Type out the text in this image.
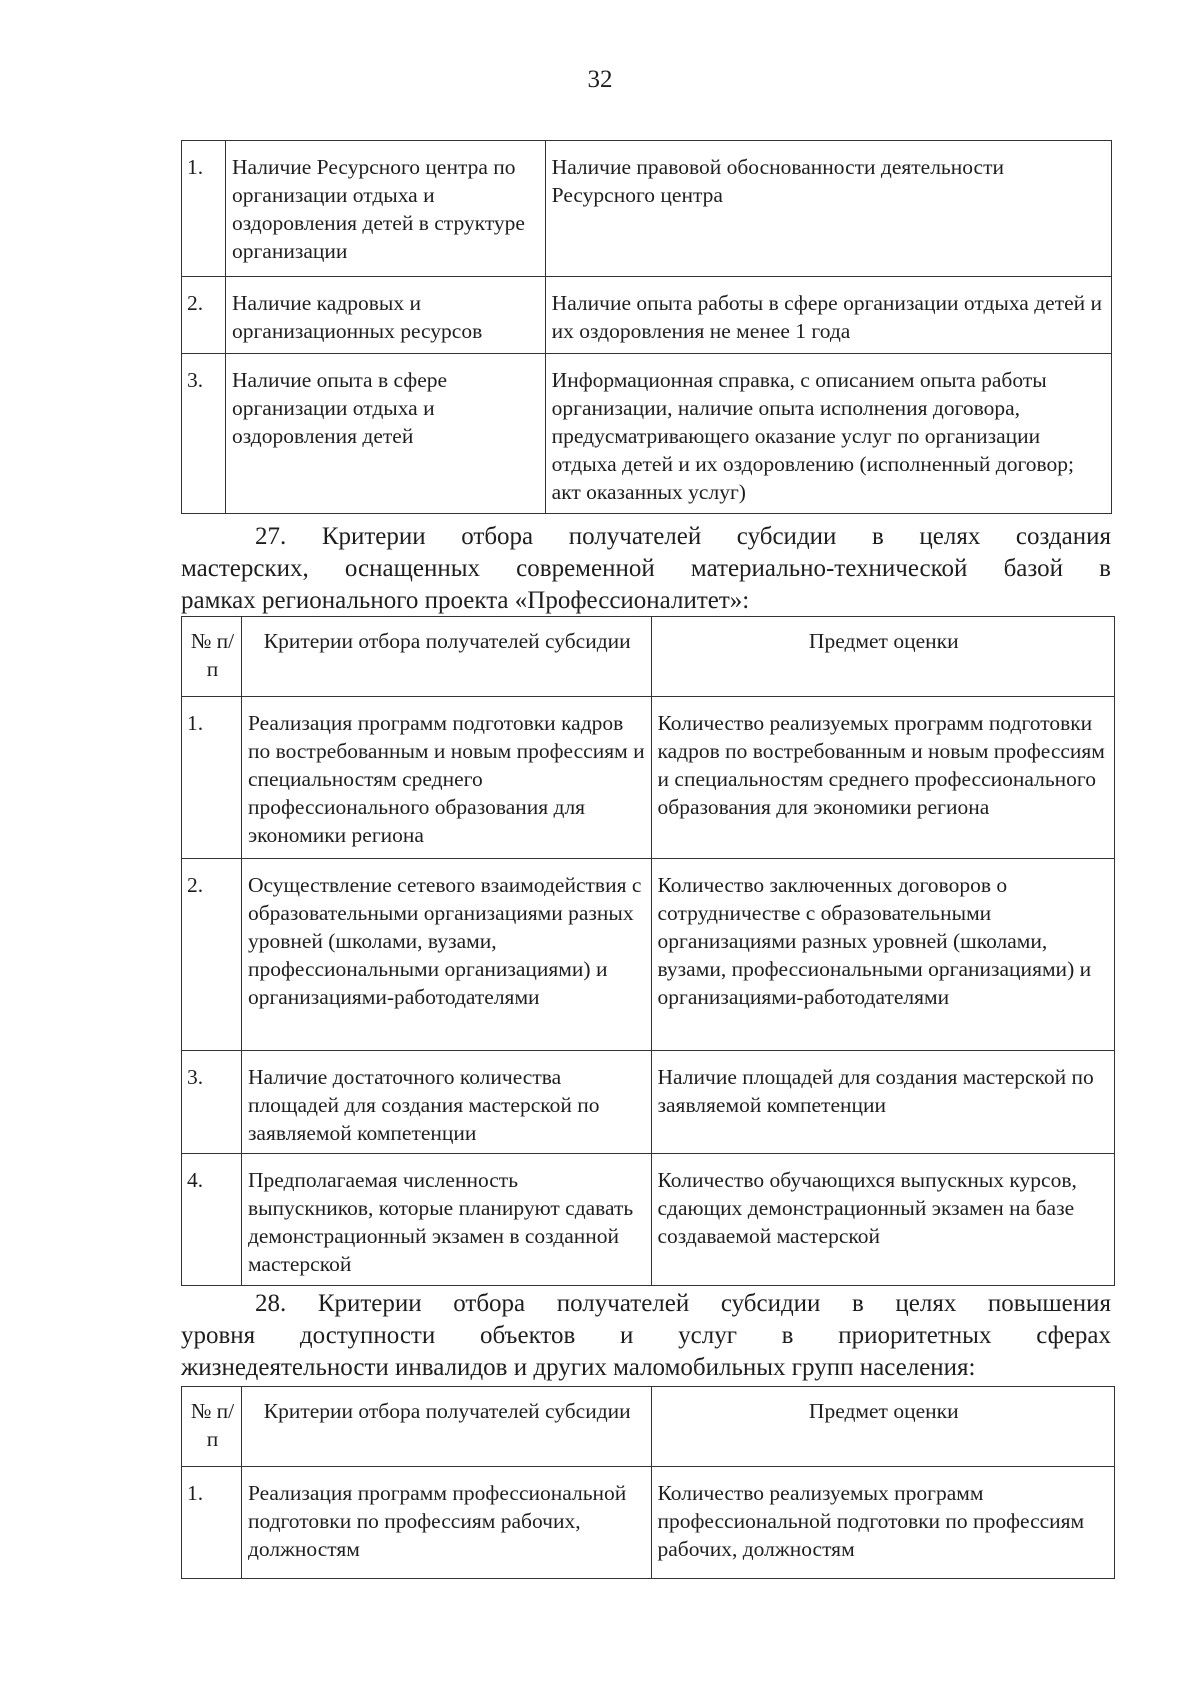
32
1.	Наличие Ресурсного центра по организации отдыха и оздоровления детей в структуре организации	Наличие правовой обоснованности деятельности Ресурсного центра
2.	Наличие кадровых и организационных ресурсов	Наличие опыта работы в сфере организации отдыха детей и их оздоровления не менее 1 года
3.	Наличие опыта в сфере организации отдыха и оздоровления детей	Информационная справка, с описанием опыта работы организации, наличие опыта исполнения договора, предусматривающего оказание услуг по организации отдыха детей и их оздоровлению (исполненный договор; акт оказанных услуг)
27. Критерии отбора получателей субсидии в целях создания
мастерских, оснащенных современной материально-технической базой в
рамках регионального проекта «Профессионалитет»:
№ п/п	Критерии отбора получателей субсидии	Предмет оценки
1.	Реализация программ подготовки кадров по востребованным и новым профессиям и специальностям среднего профессионального образования для экономики региона	Количество реализуемых программ подготовки кадров по востребованным и новым профессиям и специальностям среднего профессионального образования для экономики региона
2.	Осуществление сетевого взаимодействия с образовательными организациями разных уровней (школами, вузами, профессиональными организациями) и организациями-работодателями	Количество заключенных договоров о сотрудничестве с образовательными организациями разных уровней (школами, вузами, профессиональными организациями) и организациями-работодателями
3.	Наличие достаточного количества площадей для создания мастерской по заявляемой компетенции	Наличие площадей для создания мастерской по заявляемой компетенции
4.	Предполагаемая численность выпускников, которые планируют сдавать демонстрационный экзамен в созданной мастерской	Количество обучающихся выпускных курсов, сдающих демонстрационный экзамен на базе создаваемой мастерской
28. Критерии отбора получателей субсидии в целях повышения
уровня доступности объектов и услуг в приоритетных сферах
жизнедеятельности инвалидов и других маломобильных групп населения:
№ п/п	Критерии отбора получателей субсидии	Предмет оценки
1.	Реализация программ профессиональной подготовки по профессиям рабочих, должностям	Количество реализуемых программ профессиональной подготовки по профессиям рабочих, должностям
